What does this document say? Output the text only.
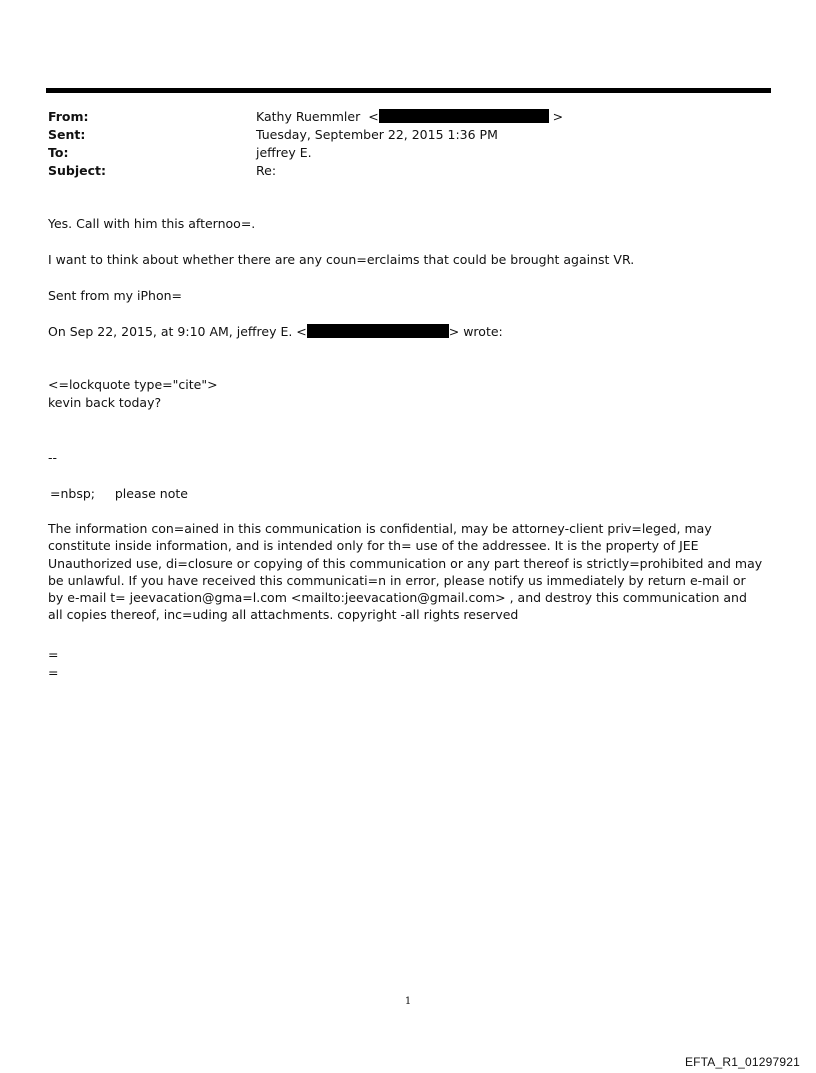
From:	Kathy Ruemmler <	>
Sent:	Tuesday, September 22, 2015 1:36 PM
To:	jeffrey E.
Subject:	Re:
Yes. Call with him this afternoo=.
I want to think about whether there are any coun=erclaims that could be brought against VR.
Sent from my iPhon=
On Sep 22, 2015, at 9:10 AM, jeffrey E. <	> wrote:
<=lockquote type="cite">
kevin back today?
--
=nbsp;     please note
The information con=ained in this communication is confidential, may be attorney-client priv=leged, may constitute inside information, and is intended only for th= use of the addressee. It is the property of JEE Unauthorized use, di=closure or copying of this communication or any part thereof is strictly=prohibited and may be unlawful. If you have received this communicati=n in error, please notify us immediately by return e-mail or by e-mail t= jeevacation@gma=l.com <mailto:jeevacation@gmail.com> , and destroy this communication and all copies thereof, inc=uding all attachments. copyright -all rights reserved
=
=
1
EFTA_R1_01297921
